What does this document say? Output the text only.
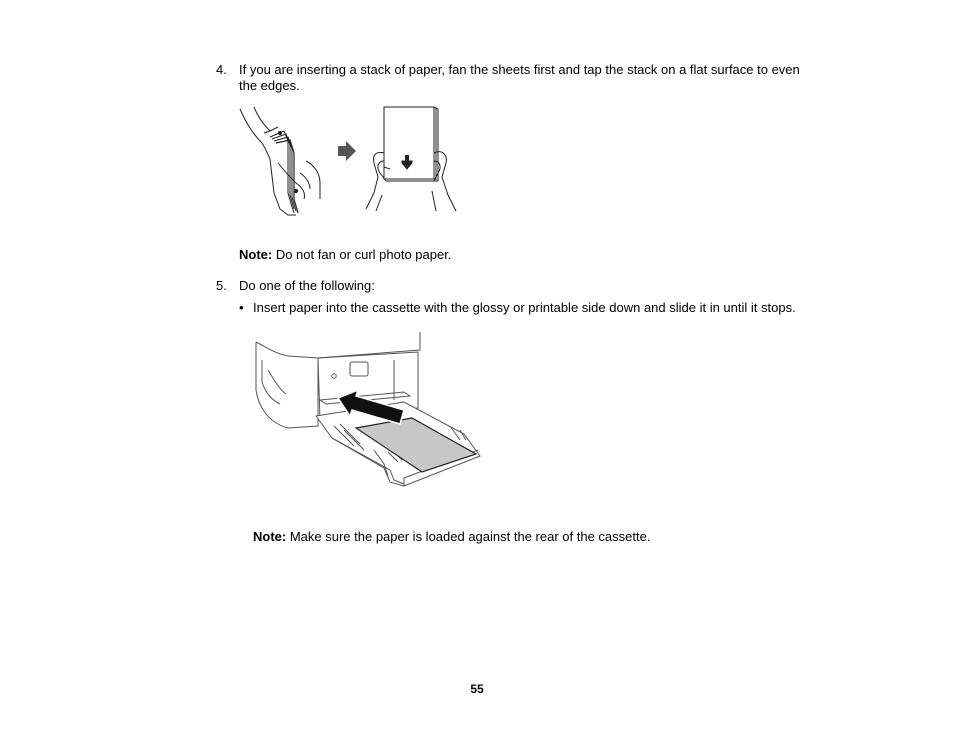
4. If you are inserting a stack of paper, fan the sheets first and tap the stack on a flat surface to even
the edges.
Note: Do not fan or curl photo paper.
5. Do one of the following:
• Insert paper into the cassette with the glossy or printable side down and slide it in until it stops.
Note: Make sure the paper is loaded against the rear of the cassette.
55
